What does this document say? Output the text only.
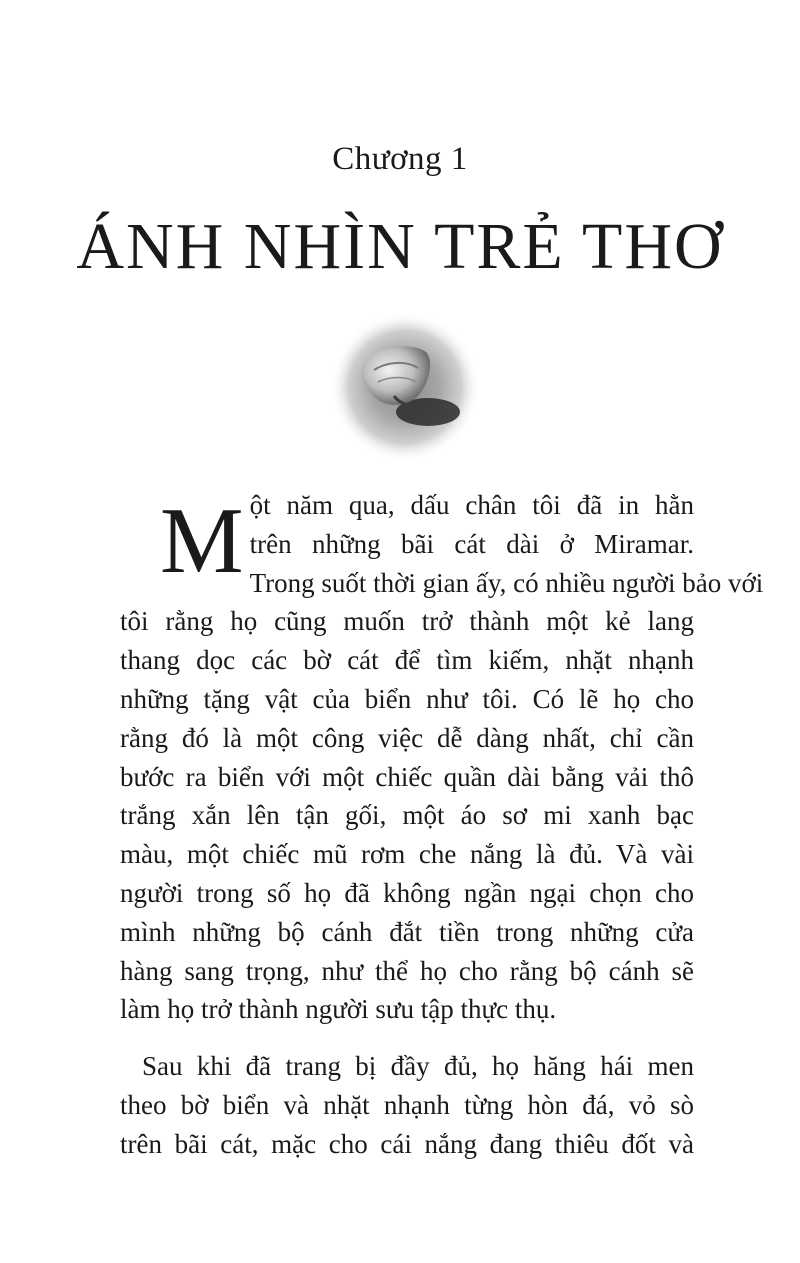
Chương 1
ÁNH NHÌN TRẺ THƠ

M ột năm qua, dấu chân tôi đã in hằn
trên những bãi cát dài ở Miramar.
Trong suốt thời gian ấy, có nhiều người bảo với
tôi rằng họ cũng muốn trở thành một kẻ lang
thang dọc các bờ cát để tìm kiếm, nhặt nhạnh
những tặng vật của biển như tôi. Có lẽ họ cho
rằng đó là một công việc dễ dàng nhất, chỉ cần
bước ra biển với một chiếc quần dài bằng vải thô
trắng xắn lên tận gối, một áo sơ mi xanh bạc
màu, một chiếc mũ rơm che nắng là đủ. Và vài
người trong số họ đã không ngần ngại chọn cho
mình những bộ cánh đắt tiền trong những cửa
hàng sang trọng, như thể họ cho rằng bộ cánh sẽ
làm họ trở thành người sưu tập thực thụ.

Sau khi đã trang bị đầy đủ, họ hăng hái men
theo bờ biển và nhặt nhạnh từng hòn đá, vỏ sò
trên bãi cát, mặc cho cái nắng đang thiêu đốt và
